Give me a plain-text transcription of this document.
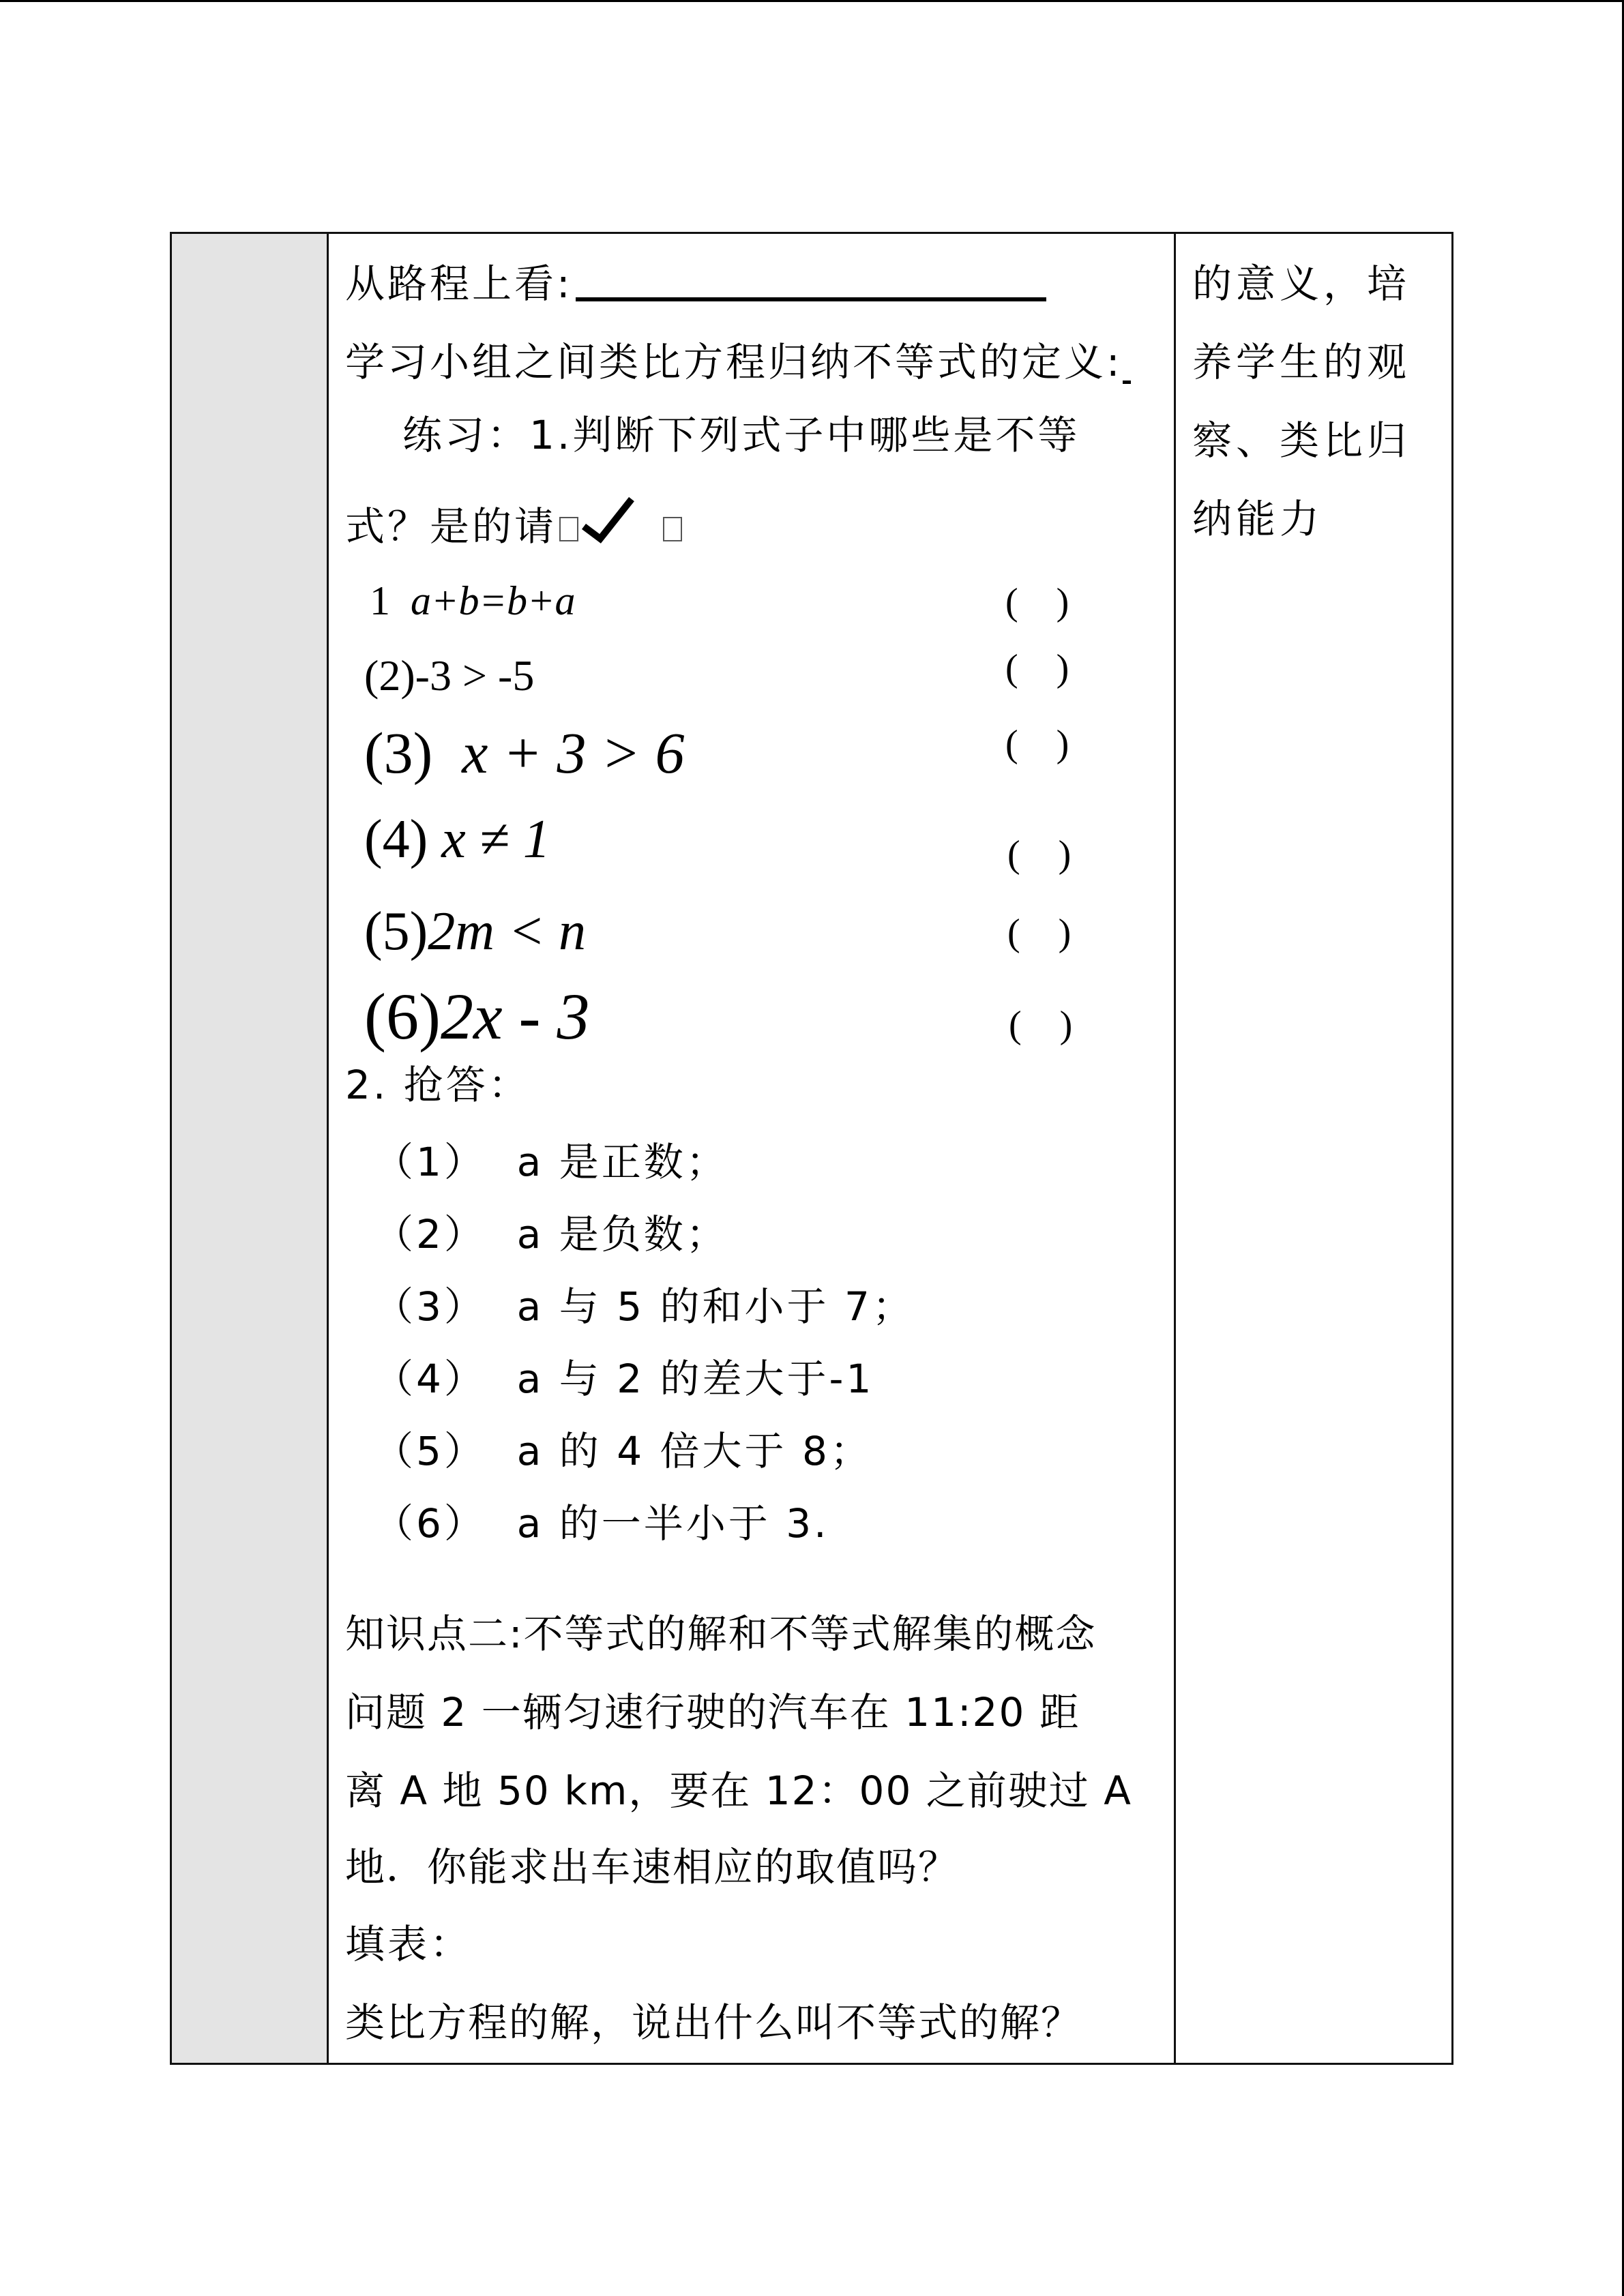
从路程上看:
学习小组之间类比方程归纳不等式的定义:
练习：1.判断下列式子中哪些是不等
式？是的请
1 a+b=b+a	(    )
(2)-3 > -5	(    )
(3) x + 3 > 6	(    )
(4) x ≠ 1	(    )
(5)2m < n	(    )
(6)2x - 3	(    )
2. 抢答：
（1） a 是正数；
（2） a 是负数；
（3） a 与 5 的和小于 7；
（4） a 与 2 的差大于-1
（5） a 的 4 倍大于 8；
（6） a 的一半小于 3.
知识点二:不等式的解和不等式解集的概念
问题 2 一辆匀速行驶的汽车在 11:20 距
离 A 地 50 km，要在 12：00 之前驶过 A
地．你能求出车速相应的取值吗？
填表：
类比方程的解，说出什么叫不等式的解？
的意义，培
养学生的观
察、类比归
纳能力
